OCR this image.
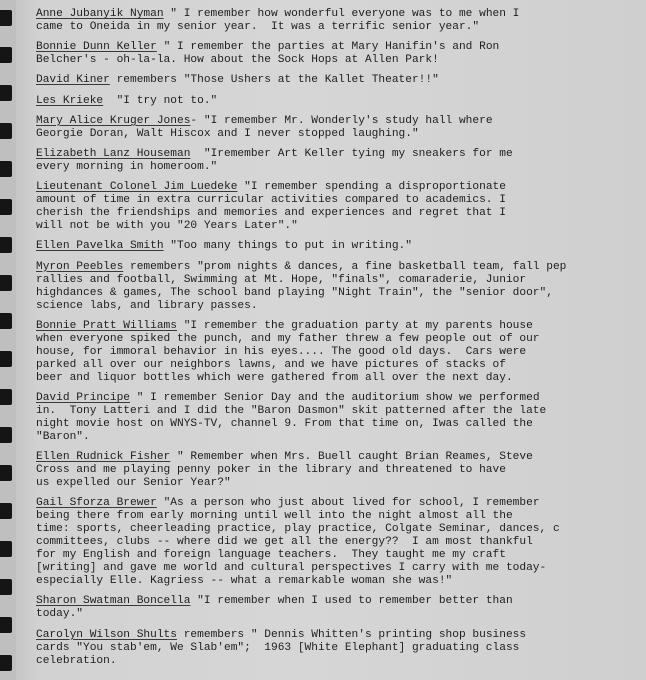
Anne Jubanyik Nyman " I remember how wonderful everyone was to me when I
came to Oneida in my senior year.  It was a terrific senior year."

Bonnie Dunn Keller " I remember the parties at Mary Hanifin's and Ron
Belcher's - oh-la-la. How about the Sock Hops at Allen Park!

David Kiner remembers "Those Ushers at the Kallet Theater!!"

Les Krieke  "I try not to."

Mary Alice Kruger Jones- "I remember Mr. Wonderly's study hall where
Georgie Doran, Walt Hiscox and I never stopped laughing."

Elizabeth Lanz Houseman  "Iremember Art Keller tying my sneakers for me
every morning in homeroom."

Lieutenant Colonel Jim Luedeke "I remember spending a disproportionate
amount of time in extra curricular activities compared to academics. I
cherish the friendships and memories and experiences and regret that I
will not be with you "20 Years Later"."

Ellen Pavelka Smith "Too many things to put in writing."

Myron Peebles remembers "prom nights & dances, a fine basketball team, fall pep
rallies and football, Swimming at Mt. Hope, "finals", comaraderie, Junior
highdances & games, The school band playing "Night Train", the "senior door",
science labs, and library passes.

Bonnie Pratt Williams "I remember the graduation party at my parents house
when everyone spiked the punch, and my father threw a few people out of our
house, for immoral behavior in his eyes.... The good old days.  Cars were
parked all over our neighbors lawns, and we have pictures of stacks of
beer and liquor bottles which were gathered from all over the next day.

David Principe " I remember Senior Day and the auditorium show we performed
in.  Tony Latteri and I did the "Baron Dasmon" skit patterned after the late
night movie host on WNYS-TV, channel 9. From that time on, Iwas called the
"Baron".

Ellen Rudnick Fisher " Remember when Mrs. Buell caught Brian Reames, Steve
Cross and me playing penny poker in the library and threatened to have
us expelled our Senior Year?"

Gail Sforza Brewer "As a person who just about lived for school, I remember
being there from early morning until well into the night almost all the
time: sports, cheerleading practice, play practice, Colgate Seminar, dances, c
committees, clubs -- where did we get all the energy??  I am most thankful
for my English and foreign language teachers.  They taught me my craft
[writing] and gave me world and cultural perspectives I carry with me today-
especially Elle. Kagriess -- what a remarkable woman she was!"

Sharon Swatman Boncella "I remember when I used to remember better than
today."

Carolyn Wilson Shults remembers " Dennis Whitten's printing shop business
cards "You stab'em, We Slab'em";  1963 [White Elephant] graduating class
celebration.
